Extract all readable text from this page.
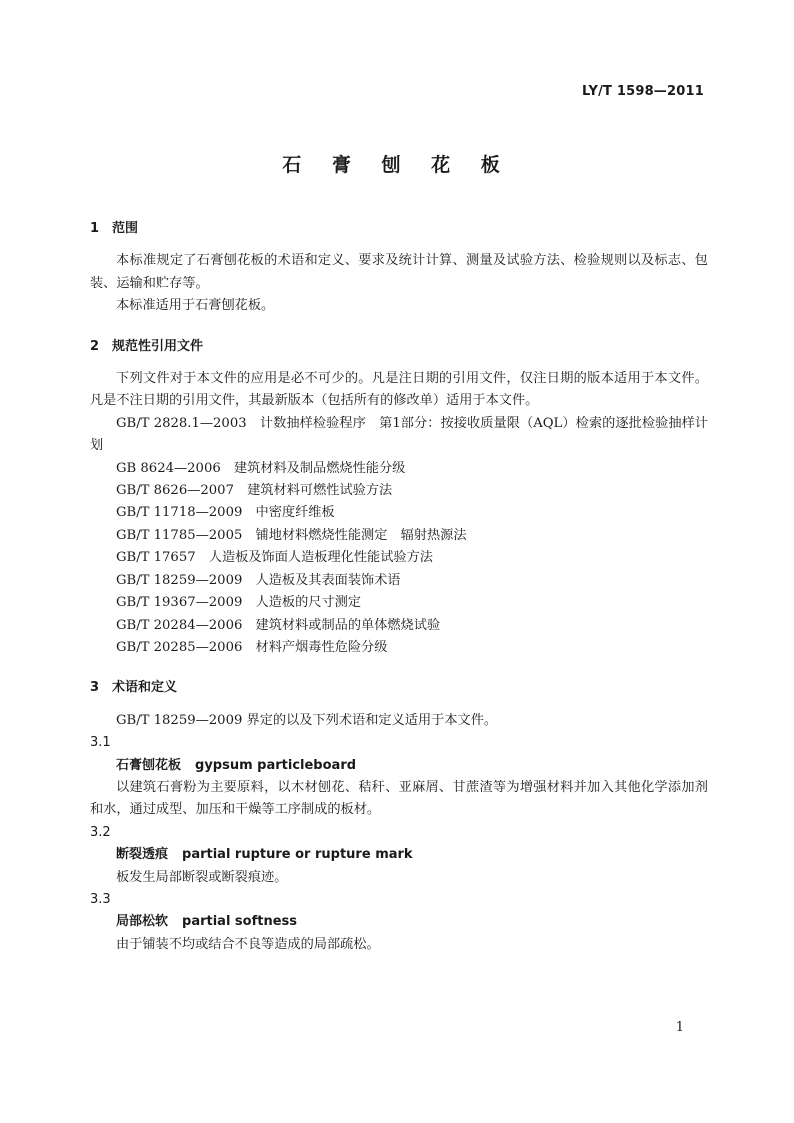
LY/T 1598—2011
石 膏 刨 花 板

1 范围

本标准规定了石膏刨花板的术语和定义、要求及统计计算、测量及试验方法、检验规则以及标志、包装、运输和贮存等。

本标准适用于石膏刨花板。

2 规范性引用文件

下列文件对于本文件的应用是必不可少的。凡是注日期的引用文件，仅注日期的版本适用于本文件。凡是不注日期的引用文件，其最新版本（包括所有的修改单）适用于本文件。

GB/T 2828.1—2003　计数抽样检验程序　第1部分：按接收质量限（AQL）检索的逐批检验抽样计划

GB 8624—2006　建筑材料及制品燃烧性能分级

GB/T 8626—2007　建筑材料可燃性试验方法

GB/T 11718—2009　中密度纤维板

GB/T 11785—2005　铺地材料燃烧性能测定　辐射热源法

GB/T 17657　人造板及饰面人造板理化性能试验方法

GB/T 18259—2009　人造板及其表面装饰术语

GB/T 19367—2009　人造板的尺寸测定

GB/T 20284—2006　建筑材料或制品的单体燃烧试验

GB/T 20285—2006　材料产烟毒性危险分级

3 术语和定义

GB/T 18259—2009 界定的以及下列术语和定义适用于本文件。

3.1

石膏刨花板 gypsum particleboard

以建筑石膏粉为主要原料，以木材刨花、秸秆、亚麻屑、甘蔗渣等为增强材料并加入其他化学添加剂和水，通过成型、加压和干燥等工序制成的板材。

3.2

断裂透痕 partial rupture or rupture mark

板发生局部断裂或断裂痕迹。

3.3

局部松软 partial softness

由于铺装不均或结合不良等造成的局部疏松。

1
